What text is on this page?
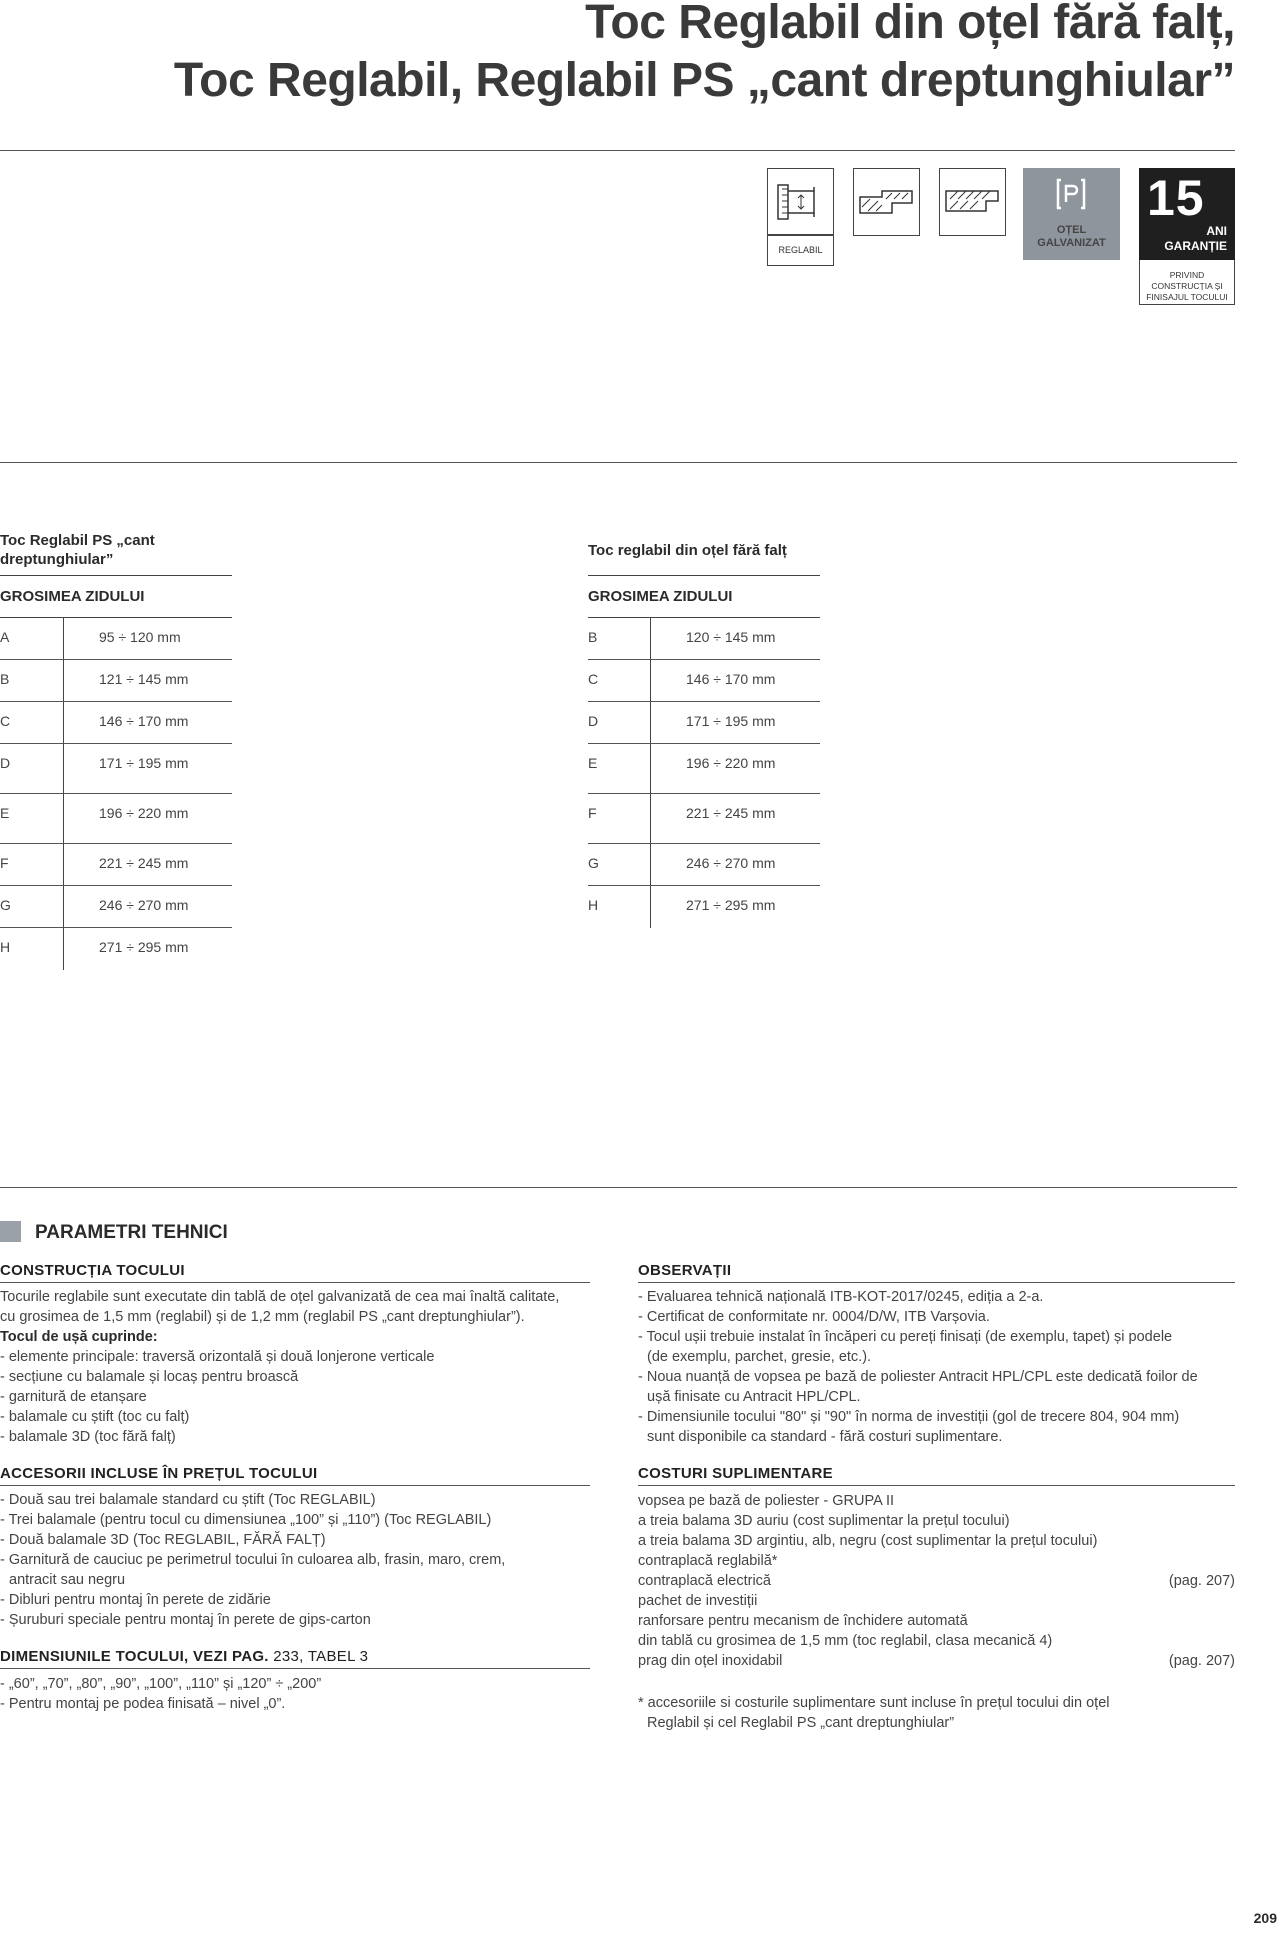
Toc Reglabil din oțel fără falț,
Toc Reglabil, Reglabil PS „cant dreptunghiular”
REGLABIL
OȚEL
GALVANIZAT
15
ANI
GARANȚIE
PRIVIND
CONSTRUCȚIA ȘI
FINISAJUL TOCULUI
Toc Reglabil PS „cant
dreptunghiular”
GROSIMEA ZIDULUI
A	95 ÷ 120 mm
B	121 ÷ 145 mm
C	146 ÷ 170 mm
D	171 ÷ 195 mm
E	196 ÷ 220 mm
F	221 ÷ 245 mm
G	246 ÷ 270 mm
H	271 ÷ 295 mm
Toc reglabil din oțel fără falț
GROSIMEA ZIDULUI
B	120 ÷ 145 mm
C	146 ÷ 170 mm
D	171 ÷ 195 mm
E	196 ÷ 220 mm
F	221 ÷ 245 mm
G	246 ÷ 270 mm
H	271 ÷ 295 mm
PARAMETRI TEHNICI
CONSTRUCȚIA TOCULUI
Tocurile reglabile sunt executate din tablă de oțel galvanizată de cea mai înaltă calitate,
cu grosimea de 1,5 mm (reglabil) și de 1,2 mm (reglabil PS „cant dreptunghiular”).
Tocul de ușă cuprinde:
- elemente principale: traversă orizontală și două lonjerone verticale
- secțiune cu balamale și locaș pentru broască
- garnitură de etanșare
- balamale cu știft (toc cu falț)
- balamale 3D (toc fără falț)
ACCESORII INCLUSE ÎN PREȚUL TOCULUI
- Două sau trei balamale standard cu știft (Toc REGLABIL)
- Trei balamale (pentru tocul cu dimensiunea „100” și „110”) (Toc REGLABIL)
- Două balamale 3D (Toc REGLABIL, FĂRĂ FALȚ)
- Garnitură de cauciuc pe perimetrul tocului în culoarea alb, frasin, maro, crem,
antracit sau negru
- Dibluri pentru montaj în perete de zidărie
- Șuruburi speciale pentru montaj în perete de gips-carton
DIMENSIUNILE TOCULUI, VEZI PAG. 233, TABEL 3
- „60”, „70”, „80”, „90”, „100”, „110” și „120” ÷ „200”
- Pentru montaj pe podea finisată – nivel „0”.
OBSERVAȚII
- Evaluarea tehnică națională ITB-KOT-2017/0245, ediția a 2-a.
- Certificat de conformitate nr. 0004/D/W, ITB Varșovia.
- Tocul ușii trebuie instalat în încăperi cu pereți finisați (de exemplu, tapet) și podele
(de exemplu, parchet, gresie, etc.).
- Noua nuanță de vopsea pe bază de poliester Antracit HPL/CPL este dedicată foilor de
ușă finisate cu Antracit HPL/CPL.
- Dimensiunile tocului "80" și "90" în norma de investiții (gol de trecere 804, 904 mm)
sunt disponibile ca standard - fără costuri suplimentare.
COSTURI SUPLIMENTARE
vopsea pe bază de poliester - GRUPA II
a treia balama 3D auriu (cost suplimentar la prețul tocului)
a treia balama 3D argintiu, alb, negru (cost suplimentar la prețul tocului)
contraplacă reglabilă*
contraplacă electrică	(pag. 207)
pachet de investiții
ranforsare pentru mecanism de închidere automată
din tablă cu grosimea de 1,5 mm (toc reglabil, clasa mecanică 4)
prag din oțel inoxidabil	(pag. 207)
* accesoriile si costurile suplimentare sunt incluse în prețul tocului din oțel
Reglabil și cel Reglabil PS „cant dreptunghiular”
209
